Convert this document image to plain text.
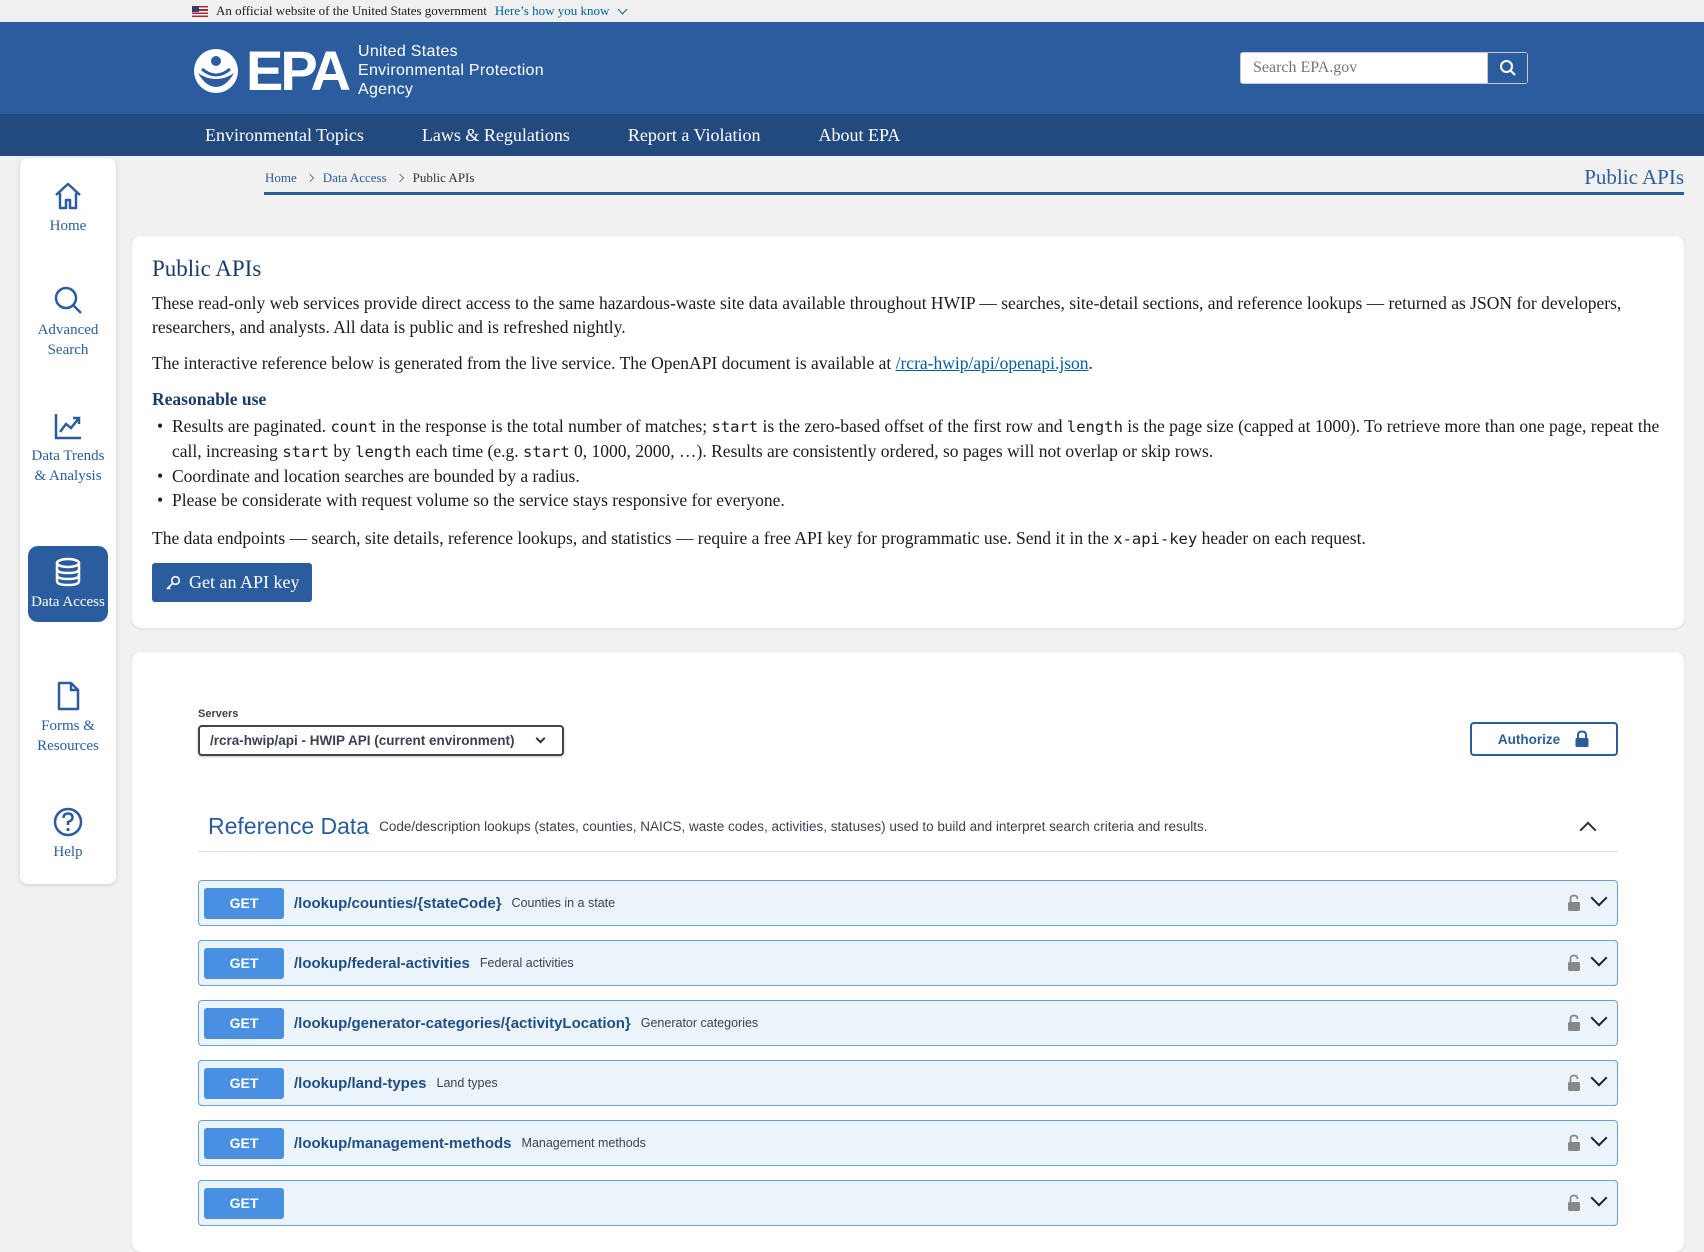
An official website of the United States government Here’s how you know
EPA United States
Environmental Protection
Agency
Search EPA.gov
Environmental Topics	Laws & Regulations	Report a Violation	About EPA
Home
Advanced Search
Data Trends & Analysis
Data Access
Forms & Resources
Help
Home Data Access Public APIs	Public APIs
Public APIs

These read-only web services provide direct access to the same hazardous-waste site data available throughout HWIP — searches, site-detail sections, and reference lookups — returned as JSON for developers, researchers, and analysts. All data is public and is refreshed nightly.

The interactive reference below is generated from the live service. The OpenAPI document is available at /rcra-hwip/api/openapi.json.

Reasonable use
• Results are paginated. count in the response is the total number of matches; start is the zero-based offset of the first row and length is the page size (capped at 1000). To retrieve more than one page, repeat the call, increasing start by length each time (e.g. start 0, 1000, 2000, …). Results are consistently ordered, so pages will not overlap or skip rows.
• Coordinate and location searches are bounded by a radius.
• Please be considerate with request volume so the service stays responsive for everyone.

The data endpoints — search, site details, reference lookups, and statistics — require a free API key for programmatic use. Send it in the x-api-key header on each request.

Get an API key
Servers
/rcra-hwip/api - HWIP API (current environment)	Authorize
Reference Data Code/description lookups (states, counties, NAICS, waste codes, activities, statuses) used to build and interpret search criteria and results.
GET	/lookup/counties/{stateCode} Counties in a state
GET	/lookup/federal-activities Federal activities
GET	/lookup/generator-categories/{activityLocation} Generator categories
GET	/lookup/land-types Land types
GET	/lookup/management-methods Management methods
GET
